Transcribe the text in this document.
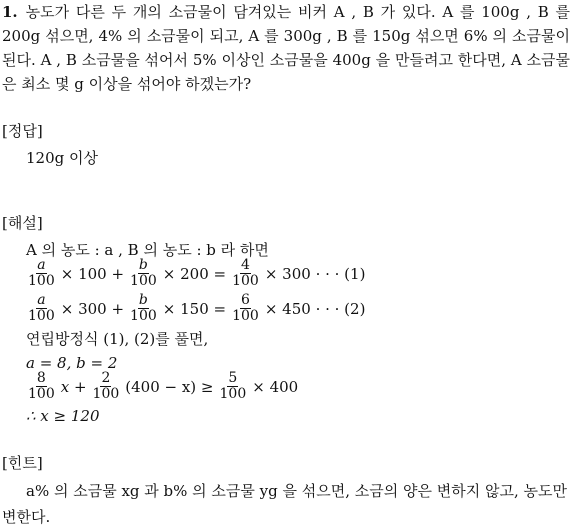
1. 농도가 다른 두 개의 소금물이 담겨있는 비커 A , B 가 있다. A 를 100g , B 를 200g 섞으면, 4% 의 소금물이 되고, A 를 300g , B 를 150g 섞으면 6% 의 소금물이 된다. A , B 소금물을 섞어서 5% 이상인 소금물을 400g 을 만들려고 한다면, A 소금물은 최소 몇 g 이상을 섞어야 하겠는가?
[정답]
120g 이상
[해설]
A 의 농도 : a , B 의 농도 : b 라 하면
$\frac{a}{100} \times 100 + \frac{b}{100} \times 200 = \frac{4}{100} \times 300$ · · · (1)
$\frac{a}{100} \times 300 + \frac{b}{100} \times 150 = \frac{6}{100} \times 450$ · · · (2)
연립방정식 (1), (2)를 풀면,
a = 8, b = 2
$\frac{8}{100}$ $x + \frac{2}{100} (400 - x) \ge \frac{5}{100} \times 400$
∴ x ≥ 120
[힌트]
a% 의 소금물 xg 과 b% 의 소금물 yg 을 섞으면, 소금의 양은 변하지 않고, 농도만 변한다.
